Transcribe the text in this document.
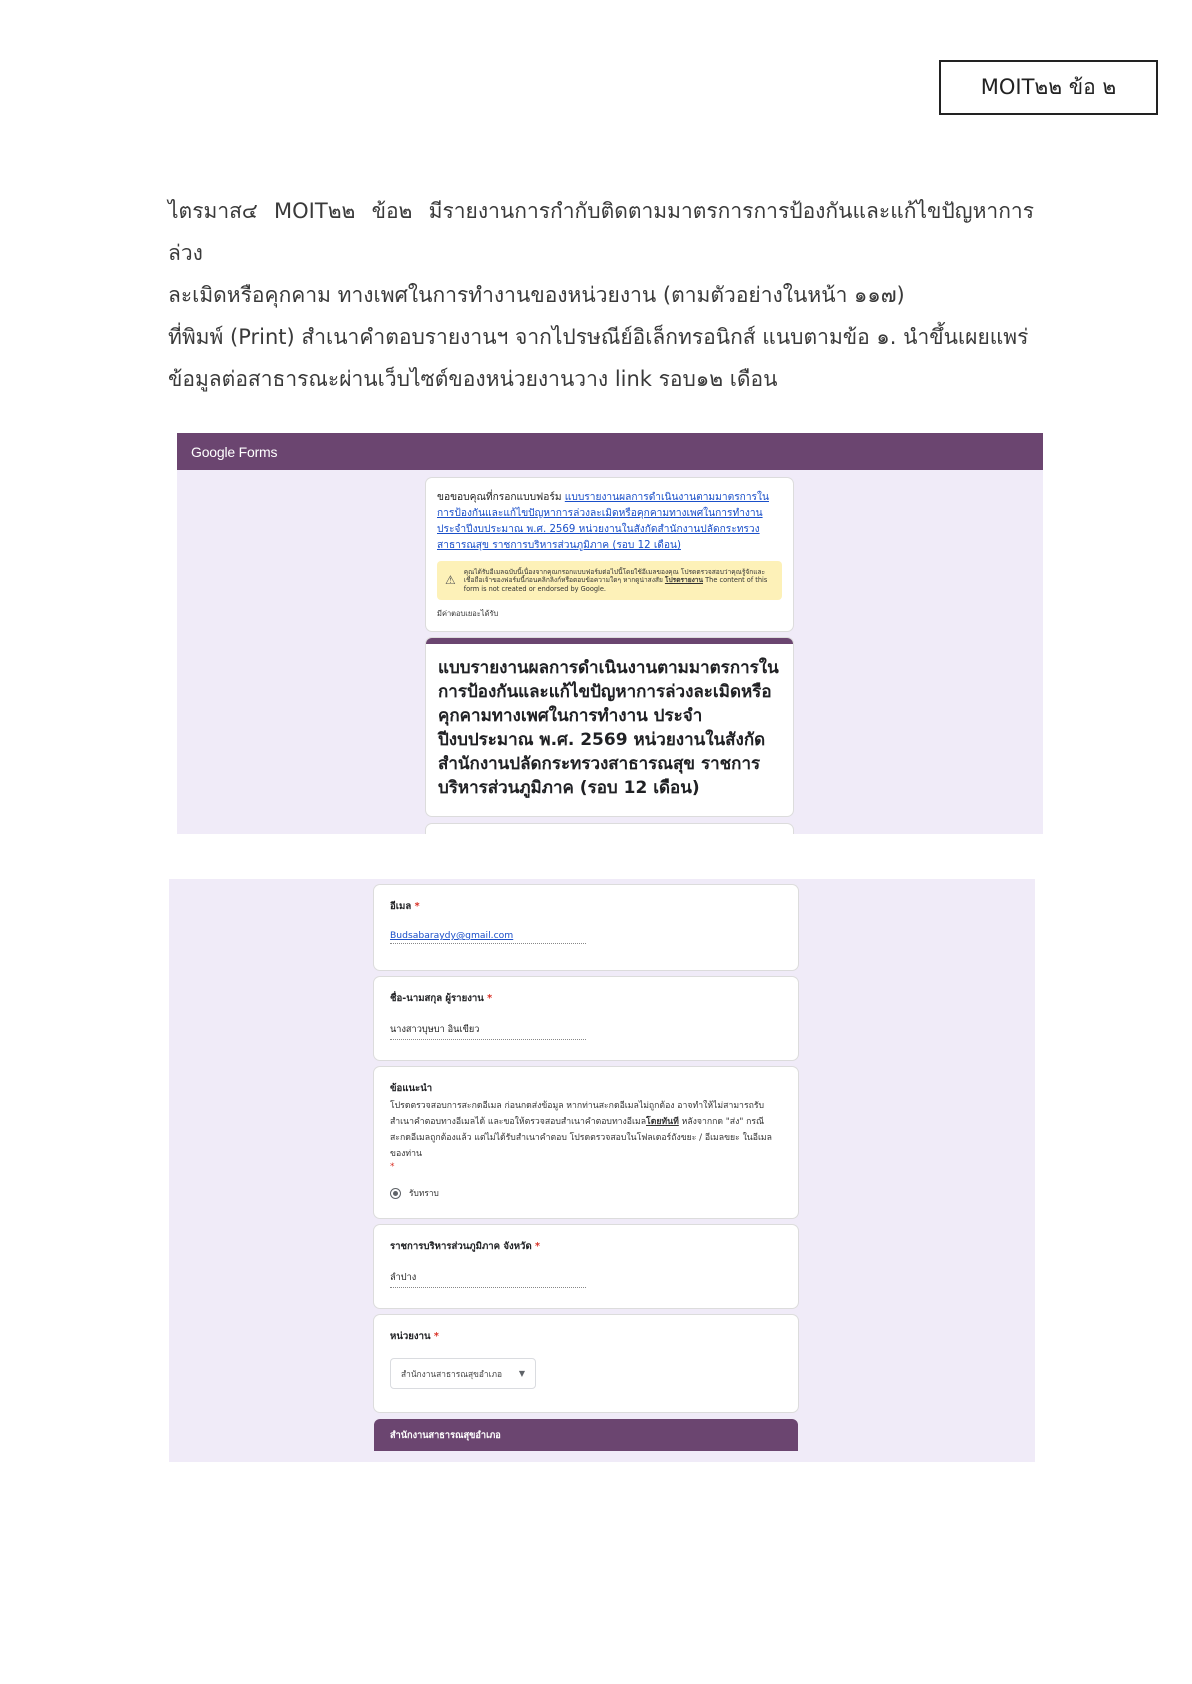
MOIT๒๒ ข้อ ๒

ไตรมาส๔ MOIT๒๒ ข้อ๒ มีรายงานการกำกับติดตามมาตรการการป้องกันและแก้ไขปัญหาการล่วง
ละเมิดหรือคุกคาม ทางเพศในการทำงานของหน่วยงาน (ตามตัวอย่างในหน้า ๑๑๗)
ที่พิมพ์ (Print) สำเนาคำตอบรายงานฯ จากไปรษณีย์อิเล็กทรอนิกส์ แนบตามข้อ ๑. นำขึ้นเผยแพร่
ข้อมูลต่อสาธารณะผ่านเว็บไซต์ของหน่วยงานวาง link รอบ๑๒ เดือน

Google Forms
ขอขอบคุณที่กรอกแบบฟอร์ม แบบรายงานผลการดำเนินงานตามมาตรการในการป้องกันและแก้ไขปัญหาการล่วงละเมิดหรือคุกคามทางเพศในการทำงาน ประจำปีงบประมาณ พ.ศ. 2569 หน่วยงานในสังกัดสำนักงานปลัดกระทรวงสาธารณสุข ราชการบริหารส่วนภูมิภาค (รอบ 12 เดือน)
⚠
คุณได้รับอีเมลฉบับนี้เนื่องจากคุณกรอกแบบฟอร์มต่อไปนี้โดยใช้อีเมลของคุณ โปรดตรวจสอบว่าคุณรู้จักและเชื่อถือเจ้าของฟอร์มนี้ก่อนคลิกลิงก์หรือตอบข้อความใดๆ หากดูน่าสงสัย โปรดรายงาน The content of this form is not created or endorsed by Google.
มีค่าตอบเยอะได้รับ
แบบรายงานผลการดำเนินงานตามมาตรการในการป้องกันและแก้ไขปัญหาการล่วงละเมิดหรือคุกคามทางเพศในการทำงาน ประจำปีงบประมาณ พ.ศ. 2569 หน่วยงานในสังกัดสำนักงานปลัดกระทรวงสาธารณสุข ราชการบริหารส่วนภูมิภาค (รอบ 12 เดือน)
อีเมล *
Budsabaraydy@gmail.com
ชื่อ-นามสกุล ผู้รายงาน *
นางสาวบุษบา อินเขียว
ข้อแนะนำ
โปรดตรวจสอบการสะกดอีเมล ก่อนกดส่งข้อมูล หากท่านสะกดอีเมลไม่ถูกต้อง อาจทำให้ไม่สามารถรับสำเนาคำตอบทางอีเมลได้ และขอให้ตรวจสอบสำเนาคำตอบทางอีเมลโดยทันที หลังจากกด "ส่ง" กรณีสะกดอีเมลถูกต้องแล้ว แต่ไม่ได้รับสำเนาคำตอบ โปรดตรวจสอบในโฟลเดอร์ถังขยะ / อีเมลขยะ ในอีเมลของท่าน
*
รับทราบ
ราชการบริหารส่วนภูมิภาค จังหวัด *
ลำปาง
หน่วยงาน *
สำนักงานสาธารณสุขอำเภอ ▼
สำนักงานสาธารณสุขอำเภอ
